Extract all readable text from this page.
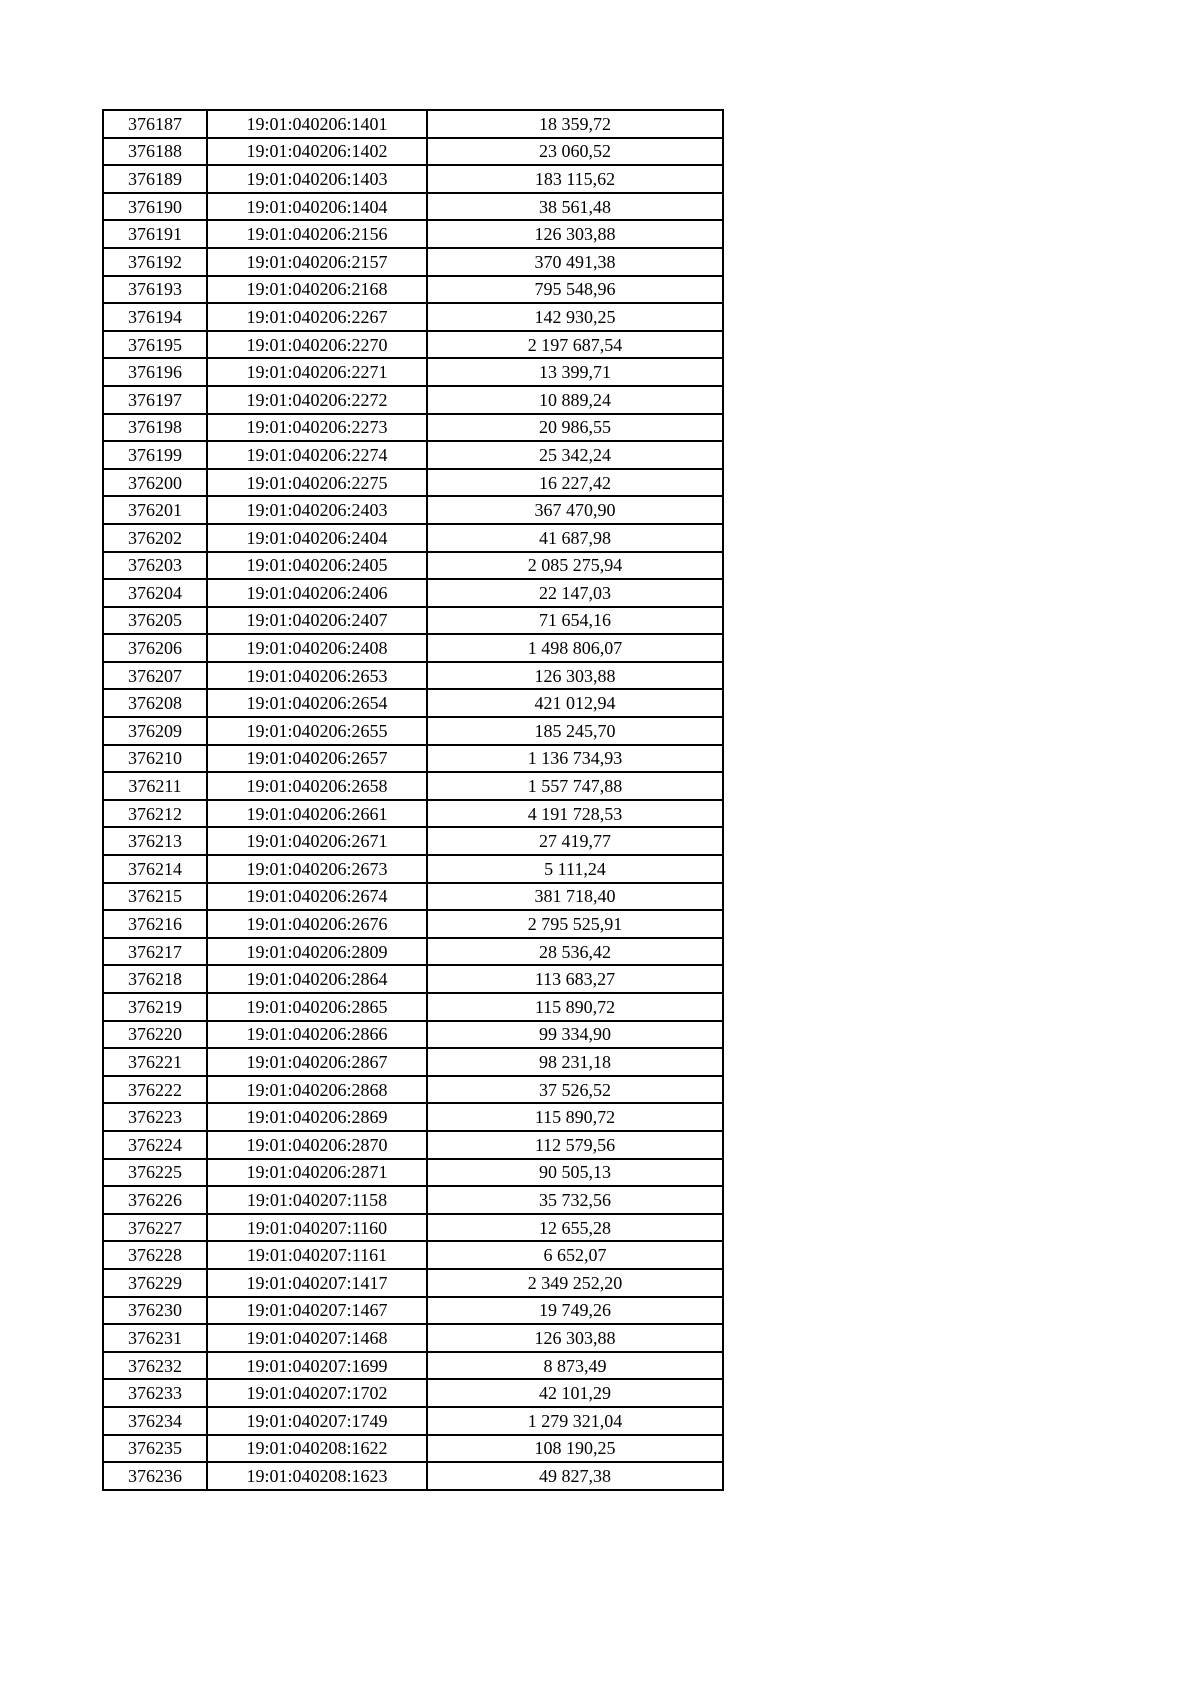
376187	19:01:040206:1401	18 359,72
376188	19:01:040206:1402	23 060,52
376189	19:01:040206:1403	183 115,62
376190	19:01:040206:1404	38 561,48
376191	19:01:040206:2156	126 303,88
376192	19:01:040206:2157	370 491,38
376193	19:01:040206:2168	795 548,96
376194	19:01:040206:2267	142 930,25
376195	19:01:040206:2270	2 197 687,54
376196	19:01:040206:2271	13 399,71
376197	19:01:040206:2272	10 889,24
376198	19:01:040206:2273	20 986,55
376199	19:01:040206:2274	25 342,24
376200	19:01:040206:2275	16 227,42
376201	19:01:040206:2403	367 470,90
376202	19:01:040206:2404	41 687,98
376203	19:01:040206:2405	2 085 275,94
376204	19:01:040206:2406	22 147,03
376205	19:01:040206:2407	71 654,16
376206	19:01:040206:2408	1 498 806,07
376207	19:01:040206:2653	126 303,88
376208	19:01:040206:2654	421 012,94
376209	19:01:040206:2655	185 245,70
376210	19:01:040206:2657	1 136 734,93
376211	19:01:040206:2658	1 557 747,88
376212	19:01:040206:2661	4 191 728,53
376213	19:01:040206:2671	27 419,77
376214	19:01:040206:2673	5 111,24
376215	19:01:040206:2674	381 718,40
376216	19:01:040206:2676	2 795 525,91
376217	19:01:040206:2809	28 536,42
376218	19:01:040206:2864	113 683,27
376219	19:01:040206:2865	115 890,72
376220	19:01:040206:2866	99 334,90
376221	19:01:040206:2867	98 231,18
376222	19:01:040206:2868	37 526,52
376223	19:01:040206:2869	115 890,72
376224	19:01:040206:2870	112 579,56
376225	19:01:040206:2871	90 505,13
376226	19:01:040207:1158	35 732,56
376227	19:01:040207:1160	12 655,28
376228	19:01:040207:1161	6 652,07
376229	19:01:040207:1417	2 349 252,20
376230	19:01:040207:1467	19 749,26
376231	19:01:040207:1468	126 303,88
376232	19:01:040207:1699	8 873,49
376233	19:01:040207:1702	42 101,29
376234	19:01:040207:1749	1 279 321,04
376235	19:01:040208:1622	108 190,25
376236	19:01:040208:1623	49 827,38
